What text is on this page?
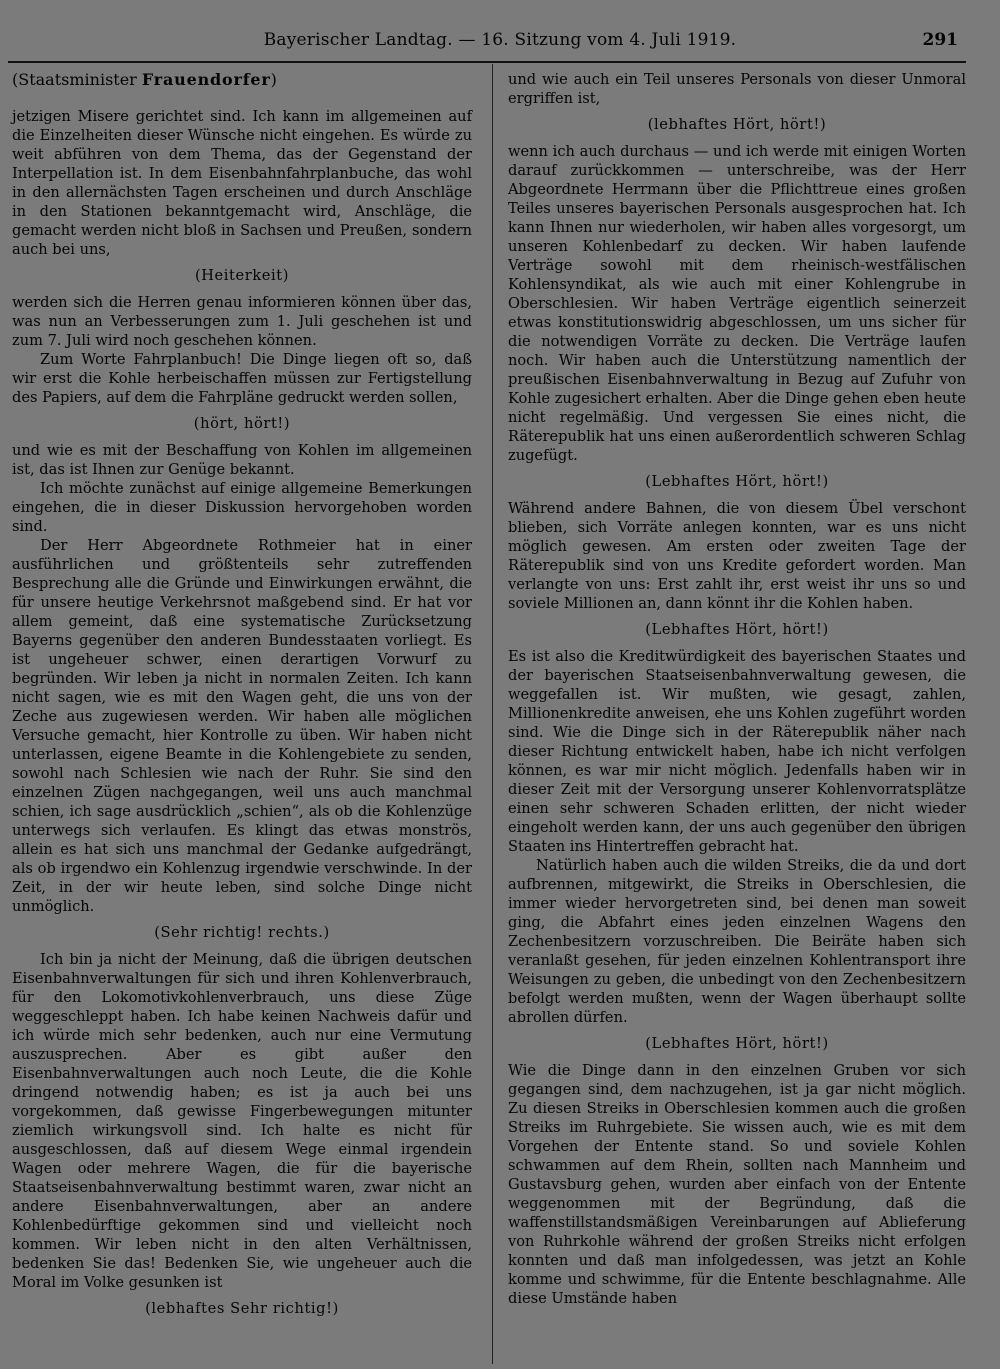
Bayerischer Landtag. — 16. Sitzung vom 4. Juli 1919.	291

(Staatsminister Frauendorfer)

jetzigen Misere gerichtet sind. Ich kann im allgemeinen auf die Einzelheiten dieser Wünsche nicht eingehen. Es würde zu weit abführen von dem Thema, das der Gegenstand der Interpellation ist. In dem Eisenbahnfahrplanbuche, das wohl in den allernächsten Tagen erscheinen und durch Anschläge in den Stationen bekanntgemacht wird, Anschläge, die gemacht werden nicht bloß in Sachsen und Preußen, sondern auch bei uns,

(Heiterkeit)

werden sich die Herren genau informieren können über das, was nun an Verbesserungen zum 1. Juli geschehen ist und zum 7. Juli wird noch geschehen können.

Zum Worte Fahrplanbuch! Die Dinge liegen oft so, daß wir erst die Kohle herbeischaffen müssen zur Fertigstellung des Papiers, auf dem die Fahrpläne gedruckt werden sollen,

(hört, hört!)

und wie es mit der Beschaffung von Kohlen im allgemeinen ist, das ist Ihnen zur Genüge bekannt.

Ich möchte zunächst auf einige allgemeine Bemerkungen eingehen, die in dieser Diskussion hervorgehoben worden sind.

Der Herr Abgeordnete Rothmeier hat in einer ausführlichen und größtenteils sehr zutreffenden Besprechung alle die Gründe und Einwirkungen erwähnt, die für unsere heutige Verkehrsnot maßgebend sind. Er hat vor allem gemeint, daß eine systematische Zurücksetzung Bayerns gegenüber den anderen Bundesstaaten vorliegt. Es ist ungeheuer schwer, einen derartigen Vorwurf zu begründen. Wir leben ja nicht in normalen Zeiten. Ich kann nicht sagen, wie es mit den Wagen geht, die uns von der Zeche aus zugewiesen werden. Wir haben alle möglichen Versuche gemacht, hier Kontrolle zu üben. Wir haben nicht unterlassen, eigene Beamte in die Kohlengebiete zu senden, sowohl nach Schlesien wie nach der Ruhr. Sie sind den einzelnen Zügen nachgegangen, weil uns auch manchmal schien, ich sage ausdrücklich „schien“, als ob die Kohlenzüge unterwegs sich verlaufen. Es klingt das etwas monströs, allein es hat sich uns manchmal der Gedanke aufgedrängt, als ob irgendwo ein Kohlenzug irgendwie verschwinde. In der Zeit, in der wir heute leben, sind solche Dinge nicht unmöglich.

(Sehr richtig! rechts.)

Ich bin ja nicht der Meinung, daß die übrigen deutschen Eisenbahnverwaltungen für sich und ihren Kohlenverbrauch, für den Lokomotivkohlenverbrauch, uns diese Züge weggeschleppt haben. Ich habe keinen Nachweis dafür und ich würde mich sehr bedenken, auch nur eine Vermutung auszusprechen. Aber es gibt außer den Eisenbahnverwaltungen auch noch Leute, die die Kohle dringend notwendig haben; es ist ja auch bei uns vorgekommen, daß gewisse Fingerbewegungen mitunter ziemlich wirkungsvoll sind. Ich halte es nicht für ausgeschlossen, daß auf diesem Wege einmal irgendein Wagen oder mehrere Wagen, die für die bayerische Staatseisenbahnverwaltung bestimmt waren, zwar nicht an andere Eisenbahnverwaltungen, aber an andere Kohlenbedürftige gekommen sind und vielleicht noch kommen. Wir leben nicht in den alten Verhältnissen, bedenken Sie das! Bedenken Sie, wie ungeheuer auch die Moral im Volke gesunken ist

(lebhaftes Sehr richtig!)

und wie auch ein Teil unseres Personals von dieser Unmoral ergriffen ist,

(lebhaftes Hört, hört!)

wenn ich auch durchaus — und ich werde mit einigen Worten darauf zurückkommen — unterschreibe, was der Herr Abgeordnete Herrmann über die Pflichttreue eines großen Teiles unseres bayerischen Personals ausgesprochen hat. Ich kann Ihnen nur wiederholen, wir haben alles vorgesorgt, um unseren Kohlenbedarf zu decken. Wir haben laufende Verträge sowohl mit dem rheinisch-westfälischen Kohlensyndikat, als wie auch mit einer Kohlengrube in Oberschlesien. Wir haben Verträge eigentlich seinerzeit etwas konstitutionswidrig abgeschlossen, um uns sicher für die notwendigen Vorräte zu decken. Die Verträge laufen noch. Wir haben auch die Unterstützung namentlich der preußischen Eisenbahnverwaltung in Bezug auf Zufuhr von Kohle zugesichert erhalten. Aber die Dinge gehen eben heute nicht regelmäßig. Und vergessen Sie eines nicht, die Räterepublik hat uns einen außerordentlich schweren Schlag zugefügt.

(Lebhaftes Hört, hört!)

Während andere Bahnen, die von diesem Übel verschont blieben, sich Vorräte anlegen konnten, war es uns nicht möglich gewesen. Am ersten oder zweiten Tage der Räterepublik sind von uns Kredite gefordert worden. Man verlangte von uns: Erst zahlt ihr, erst weist ihr uns so und soviele Millionen an, dann könnt ihr die Kohlen haben.

(Lebhaftes Hört, hört!)

Es ist also die Kreditwürdigkeit des bayerischen Staates und der bayerischen Staatseisenbahnverwaltung gewesen, die weggefallen ist. Wir mußten, wie gesagt, zahlen, Millionenkredite anweisen, ehe uns Kohlen zugeführt worden sind. Wie die Dinge sich in der Räterepublik näher nach dieser Richtung entwickelt haben, habe ich nicht verfolgen können, es war mir nicht möglich. Jedenfalls haben wir in dieser Zeit mit der Versorgung unserer Kohlenvorratsplätze einen sehr schweren Schaden erlitten, der nicht wieder eingeholt werden kann, der uns auch gegenüber den übrigen Staaten ins Hintertreffen gebracht hat.

Natürlich haben auch die wilden Streiks, die da und dort aufbrennen, mitgewirkt, die Streiks in Oberschlesien, die immer wieder hervorgetreten sind, bei denen man soweit ging, die Abfahrt eines jeden einzelnen Wagens den Zechenbesitzern vorzuschreiben. Die Beiräte haben sich veranlaßt gesehen, für jeden einzelnen Kohlentransport ihre Weisungen zu geben, die unbedingt von den Zechenbesitzern befolgt werden mußten, wenn der Wagen überhaupt sollte abrollen dürfen.

(Lebhaftes Hört, hört!)

Wie die Dinge dann in den einzelnen Gruben vor sich gegangen sind, dem nachzugehen, ist ja gar nicht möglich. Zu diesen Streiks in Oberschlesien kommen auch die großen Streiks im Ruhrgebiete. Sie wissen auch, wie es mit dem Vorgehen der Entente stand. So und soviele Kohlen schwammen auf dem Rhein, sollten nach Mannheim und Gustavsburg gehen, wurden aber einfach von der Entente weggenommen mit der Begründung, daß die waffenstillstandsmäßigen Vereinbarungen auf Ablieferung von Ruhrkohle während der großen Streiks nicht erfolgen konnten und daß man infolgedessen, was jetzt an Kohle komme und schwimme, für die Entente beschlagnahme. Alle diese Umstände haben
